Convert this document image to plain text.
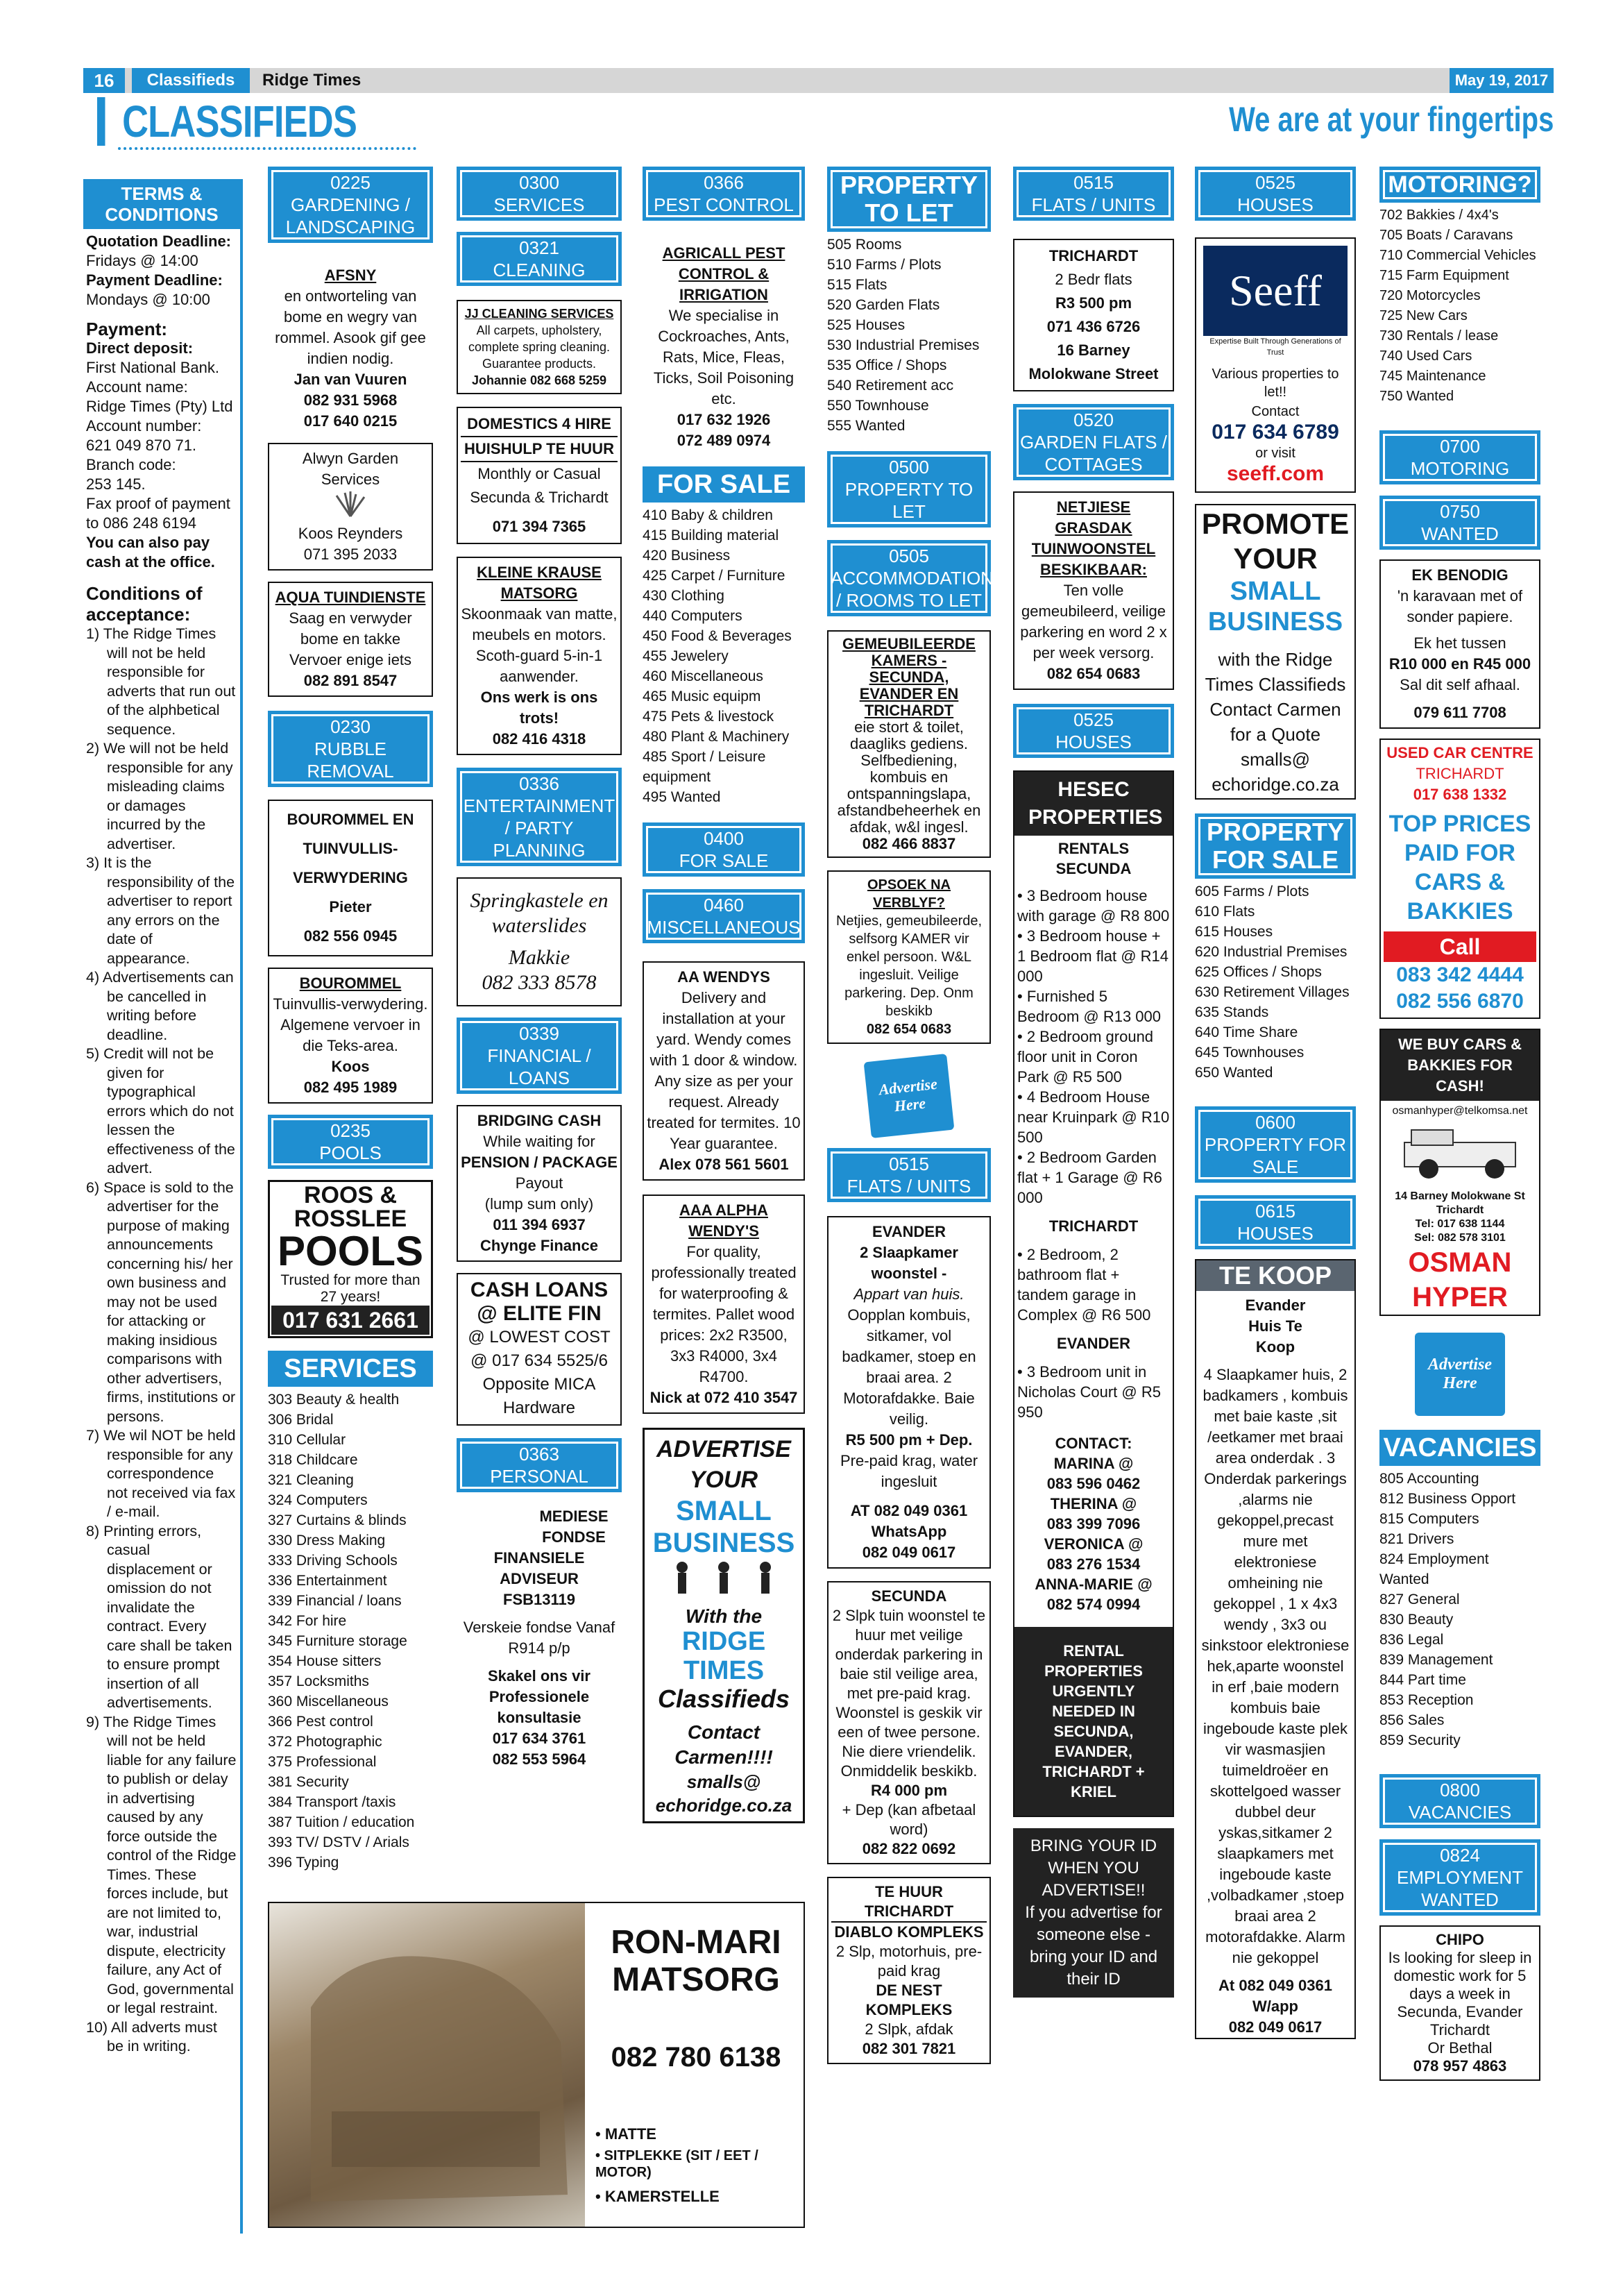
16	Classifieds	Ridge Times	May 19, 2017
CLASSIFIEDS	We are at your fingertips
TERMS & CONDITIONS
Quotation Deadline:
Fridays @ 14:00
Payment Deadline:
Mondays @ 10:00
Payment:
Direct deposit:
First National Bank.
Account name:
Ridge Times (Pty) Ltd
Account number:
621 049 870 71.
Branch code:
253 145.
Fax proof of payment to 086 248 6194
You can also pay cash at the office.
Conditions of acceptance:
1) The Ridge Times will not be held responsible for adverts that run out of the alphbetical sequence.
2) We will not be held responsible for any misleading claims or damages incurred by the advertiser.
3) It is the responsibility of the advertiser to report any errors on the date of appearance.
4) Advertisements can be cancelled in writing before deadline.
5) Credit will not be given for typographical errors which do not lessen the effectiveness of the advert.
6) Space is sold to the advertiser for the purpose of making announcements concerning his/ her own business and may not be used for attacking or making insidious comparisons with other advertisers, firms, institutions or persons.
7) We wil NOT be held responsible for any correspondence not received via fax / e-mail.
8) Printing errors, casual displacement or omission do not invalidate the contract. Every care shall be taken to ensure prompt insertion of all advertisements.
9) The Ridge Times will not be held liable for any failure to publish or delay in advertising caused by any force outside the control of the Ridge Times. These forces include, but are not limited to, war, industrial dispute, electricity failure, any Act of God, governmental or legal restraint.
10) All adverts must be in writing.
0225
GARDENING / LANDSCAPING
AFSNY
en ontworteling van bome en wegry van rommel. Asook gif gee indien nodig.
Jan van Vuuren
082 931 5968
017 640 0215
Alwyn Garden Services
Koos Reynders
071 395 2033
AQUA TUINDIENSTE
Saag en verwyder bome en takke
Vervoer enige iets
082 891 8547
0230
RUBBLE REMOVAL
BOUROMMEL EN
TUINVULLIS-
VERWYDERING
Pieter
082 556 0945
BOUROMMEL
Tuinvullis-verwydering. Algemene vervoer in die Teks-area.
Koos
082 495 1989
0235
POOLS
ROOS & ROSSLEE
POOLS
Trusted for more than 27 years!
017 631 2661
SERVICES
303 Beauty & health
306 Bridal
310 Cellular
318 Childcare
321 Cleaning
324 Computers
327 Curtains & blinds
330 Dress Making
333 Driving Schools
336 Entertainment
339 Financial / loans
342 For hire
345 Furniture storage
354 House sitters
357 Locksmiths
360 Miscellaneous
366 Pest control
372 Photographic
375 Professional
381 Security
384 Transport /taxis
387 Tuition / education
393 TV/ DSTV / Arials
396 Typing
0300
SERVICES
0321
CLEANING
JJ CLEANING SERVICES
All carpets, upholstery, complete spring cleaning. Guarantee products.
Johannie 082 668 5259
DOMESTICS 4 HIRE
HUISHULP TE HUUR
Monthly or Casual
Secunda & Trichardt
071 394 7365
KLEINE KRAUSE MATSORG
Skoonmaak van matte, meubels en motors. Scoth-guard 5-in-1 aanwender.
Ons werk is ons trots!
082 416 4318
0336
ENTERTAINMENT / PARTY PLANNING
Springkastele en waterslides
Makkie
082 333 8578
0339
FINANCIAL / LOANS
BRIDGING CASH
While waiting for
PENSION / PACKAGE
Payout
(lump sum only)
011 394 6937
Chynge Finance
CASH LOANS
@ ELITE FIN
@ LOWEST COST
@ 017 634 5525/6
Opposite MICA Hardware
0363
PERSONAL
MEDIESE FONDSE
FINANSIELE ADVISEUR
FSB13119
Verskeie fondse Vanaf R914 p/p
Skakel ons vir Professionele konsultasie
017 634 3761
082 553 5964
0366
PEST CONTROL
AGRICALL PEST CONTROL & IRRIGATION
We specialise in Cockroaches, Ants, Rats, Mice, Fleas, Ticks, Soil Poisoning etc.
017 632 1926
072 489 0974
FOR SALE
410 Baby & children
415 Building material
420 Business
425 Carpet / Furniture
430 Clothing
440 Computers
450 Food & Beverages
455 Jewelery
460 Miscellaneous
465 Music equipm
475 Pets & livestock
480 Plant & Machinery
485 Sport / Leisure equipment
495 Wanted
0400
FOR SALE
0460
MISCELLANEOUS
AA WENDYS
Delivery and installation at your yard. Wendy comes with 1 door & window. Any size as per your request. Already treated for termites. 10 Year guarantee.
Alex 078 561 5601
AAA ALPHA WENDY'S
For quality, professionally treated for waterproofing & termites. Pallet wood prices: 2x2 R3500, 3x3 R4000, 3x4 R4700.
Nick at 072 410 3547
ADVERTISE
YOUR
SMALL BUSINESS
With the
RIDGE TIMES
Classifieds
Contact Carmen!!!!
smalls@ echoridge.co.za
PROPERTY TO LET
505 Rooms
510 Farms / Plots
515 Flats
520 Garden Flats
525 Houses
530 Industrial Premises
535 Office / Shops
540 Retirement acc
550 Townhouse
555 Wanted
0500
PROPERTY TO LET
0505
ACCOMMODATION / ROOMS TO LET
GEMEUBILEERDE KAMERS - SECUNDA, EVANDER EN TRICHARDT
eie stort & toilet, daagliks gediens. Selfbediening, kombuis en ontspanningslapa, afstandbeheerhek en afdak, w&l ingesl.
082 466 8837
OPSOEK NA VERBLYF?
Netjies, gemeubileerde, selfsorg KAMER vir enkel persoon. W&L ingesluit. Veilige parkering. Dep. Onm beskikb
082 654 0683
Advertise Here
0515
FLATS / UNITS
EVANDER
2 Slaapkamer woonstel -
Appart van huis.
Oopplan kombuis, sitkamer, vol badkamer, stoep en braai area. 2 Motorafdakke. Baie veilig.
R5 500 pm + Dep.
Pre-paid krag, water ingesluit
AT 082 049 0361
WhatsApp
082 049 0617
SECUNDA
2 Slpk tuin woonstel te huur met veilige onderdak parkering in baie stil veilige area, met pre-paid krag. Woonstel is geskik vir een of twee persone. Nie diere vriendelik. Onmiddelik beskikb.
R4 000 pm
+ Dep (kan afbetaal word)
082 822 0692
TE HUUR TRICHARDT
DIABLO KOMPLEKS
2 Slp, motorhuis, pre-paid krag
DE NEST KOMPLEKS
2 Slpk, afdak
082 301 7821
0515
FLATS / UNITS
TRICHARDT
2 Bedr flats
R3 500 pm
071 436 6726
16 Barney
Molokwane Street
0520
GARDEN FLATS / COTTAGES
NETJIESE GRASDAK TUINWOONSTEL BESKIKBAAR:
Ten volle gemeubileerd, veilige parkering en word 2 x per week versorg.
082 654 0683
0525
HOUSES
HESEC PROPERTIES
RENTALS SECUNDA
• 3 Bedroom house with garage @ R8 800
• 3 Bedroom house + 1 Bedroom flat @ R14 000
• Furnished 5 Bedroom @ R13 000
• 2 Bedroom ground floor unit in Coron Park @ R5 500
• 4 Bedroom House near Kruinpark @ R10 500
• 2 Bedroom Garden flat + 1 Garage @ R6 000
TRICHARDT
• 2 Bedroom, 2 bathroom flat + tandem garage in Complex @ R6 500
EVANDER
• 3 Bedroom unit in Nicholas Court @ R5 950
CONTACT:
MARINA @
083 596 0462
THERINA @
083 399 7096
VERONICA @
083 276 1534
ANNA-MARIE @
082 574 0994
RENTAL PROPERTIES URGENTLY NEEDED IN SECUNDA, EVANDER, TRICHARDT + KRIEL
BRING YOUR ID WHEN YOU ADVERTISE!!
If you advertise for someone else - bring your ID and their ID
0525
HOUSES
Seeff
Expertise Built Through Generations of Trust
Various properties to let!!
Contact
017 634 6789
or visit
seeff.com
PROMOTE
YOUR
SMALL BUSINESS
with the Ridge Times Classifieds
Contact Carmen for a Quote
smalls@ echoridge.co.za
PROPERTY FOR SALE
605 Farms / Plots
610 Flats
615 Houses
620 Industrial Premises
625 Offices / Shops
630 Retirement Villages
635 Stands
640 Time Share
645 Townhouses
650 Wanted
0600
PROPERTY FOR SALE
0615
HOUSES
TE KOOP
Evander Huis Te Koop
4 Slaapkamer huis, 2 badkamers , kombuis met baie kaste ,sit /eetkamer met braai area onderdak . 3 Onderdak parkerings ,alarms nie gekoppel,precast mure met elektroniese omheining nie gekoppel , 1 x 4x3 wendy , 3x3 ou sinkstoor elektroniese hek,aparte woonstel in erf ,baie modern kombuis baie ingeboude kaste plek vir wasmasjien tuimeldroëer en skottelgoed wasser dubbel deur yskas,sitkamer 2 slaapkamers met ingeboude kaste ,volbadkamer ,stoep braai area 2 motorafdakke. Alarm nie gekoppel
At 082 049 0361 W/app
082 049 0617
MOTORING?
702 Bakkies / 4x4's
705 Boats / Caravans
710 Commercial Vehicles
715 Farm Equipment
720 Motorcycles
725 New Cars
730 Rentals / lease
740 Used Cars
745 Maintenance
750 Wanted
0700
MOTORING
0750
WANTED
EK BENODIG
'n karavaan met of sonder papiere.
Ek het tussen
R10 000 en R45 000
Sal dit self afhaal.
079 611 7708
USED CAR CENTRE
TRICHARDT
017 638 1332
TOP PRICES PAID FOR CARS & BAKKIES
Call
083 342 4444
082 556 6870
WE BUY CARS & BAKKIES FOR CASH!
osmanhyper@telkomsa.net
14 Barney Molokwane St Trichardt
Tel: 017 638 1144
Sel: 082 578 3101
OSMAN HYPER
Advertise Here
VACANCIES
805 Accounting
812 Business Opport
815 Computers
821 Drivers
824 Employment Wanted
827 General
830 Beauty
836 Legal
839 Management
844 Part time
853 Reception
856 Sales
859 Security
0800
VACANCIES
0824
EMPLOYMENT WANTED
CHIPO
Is looking for sleep in domestic work for 5 days a week in Secunda, Evander Trichardt
Or Bethal
078 957 4863
RON-MARI MATSORG
082 780 6138
• MATTE
• SITPLEKKE (SIT / EET / MOTOR)
• KAMERSTELLE
